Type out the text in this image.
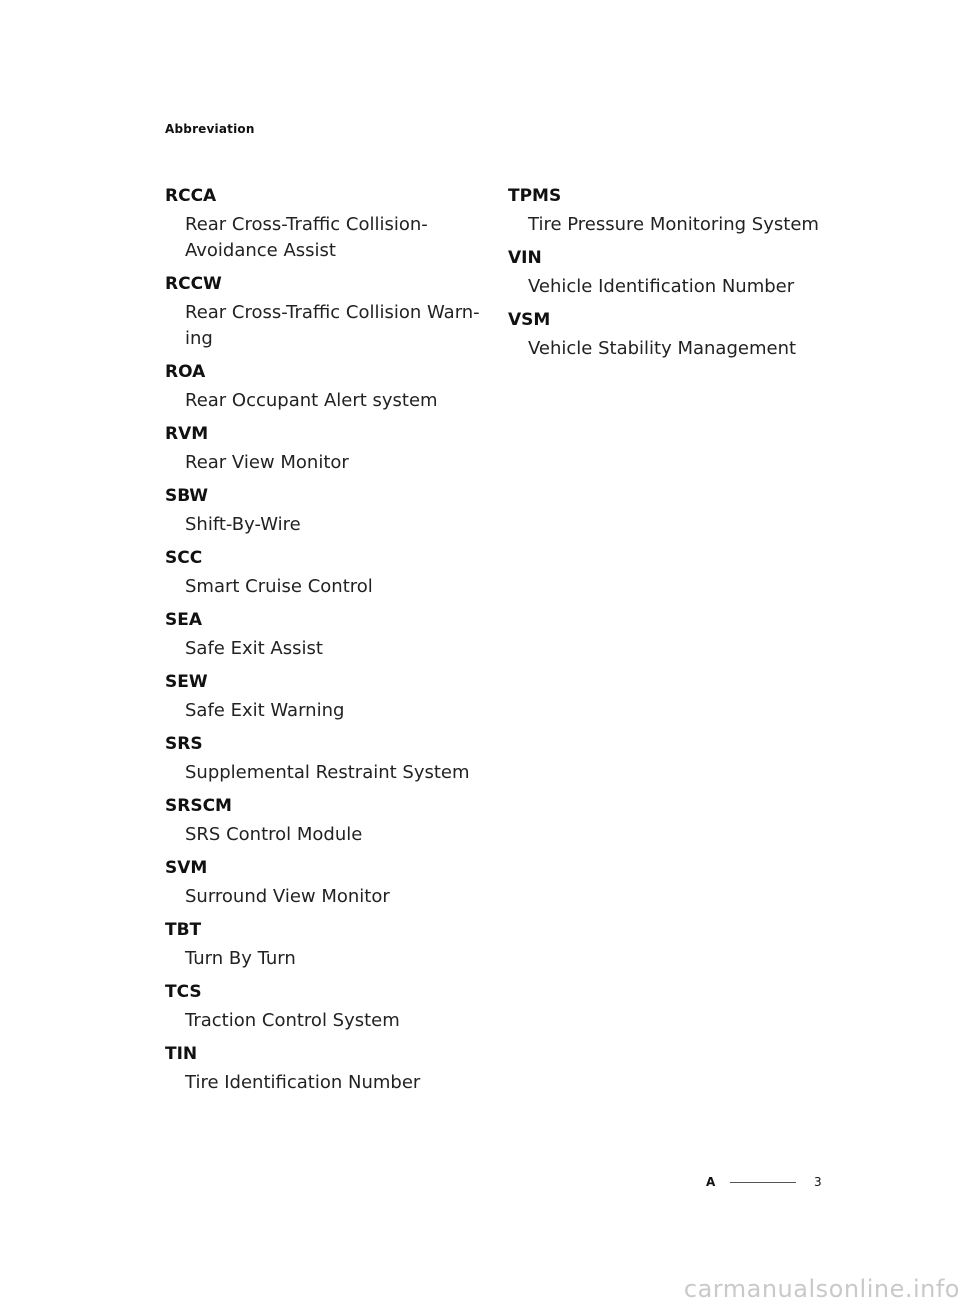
Abbreviation
RCCA
Rear Cross-Traffic Collision-
Avoidance Assist
RCCW
Rear Cross-Traffic Collision Warn-
ing
ROA
Rear Occupant Alert system
RVM
Rear View Monitor
SBW
Shift-By-Wire
SCC
Smart Cruise Control
SEA
Safe Exit Assist
SEW
Safe Exit Warning
SRS
Supplemental Restraint System
SRSCM
SRS Control Module
SVM
Surround View Monitor
TBT
Turn By Turn
TCS
Traction Control System
TIN
Tire Identification Number
TPMS
Tire Pressure Monitoring System
VIN
Vehicle Identification Number
VSM
Vehicle Stability Management
A	3
carmanualsonline.info
